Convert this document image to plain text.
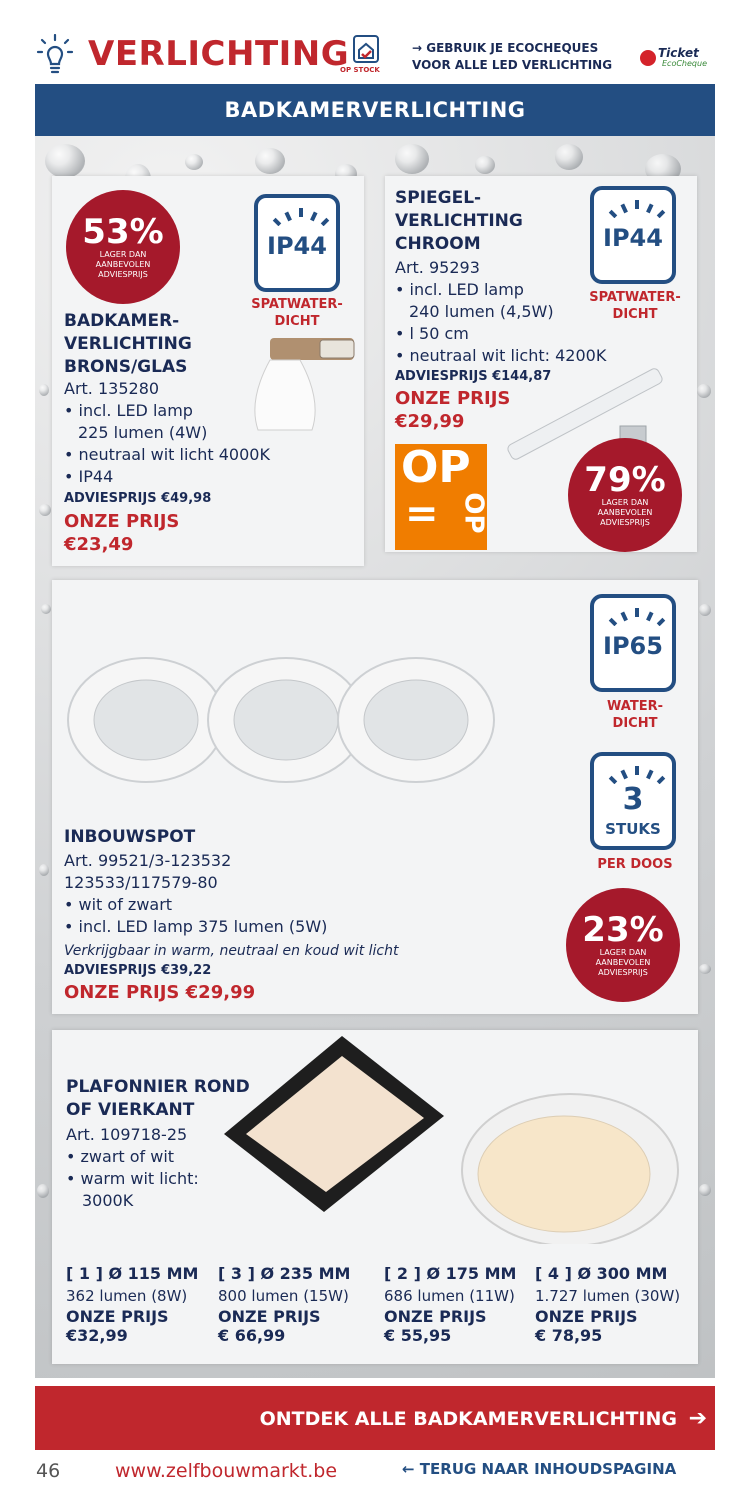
VERLICHTING
OP STOCK
→ GEBRUIK JE ECOCHEQUES
VOOR ALLE LED VERLICHTING
Ticket
EcoCheque
BADKAMERVERLICHTING
53%
LAGER DAN
AANBEVOLEN
ADVIESPRIJS
IP44
SPATWATER-
DICHT
BADKAMER-
VERLICHTING
BRONS/GLAS
Art. 135280
• incl. LED lamp
225 lumen (4W)
• neutraal wit licht 4000K
• IP44
ADVIESPRIJS €49,98
ONZE PRIJS
€23,49
SPIEGEL-
VERLICHTING
CHROOM	IP44
SPATWATER-
DICHT
Art. 95293
• incl. LED lamp
240 lumen (4,5W)
• l 50 cm
• neutraal wit licht: 4200K
ADVIESPRIJS €144,87
ONZE PRIJS
€29,99
OP
= OP
79%
LAGER DAN
AANBEVOLEN
ADVIESPRIJS
IP65
WATER-
DICHT
3
STUKS
PER DOOS
INBOUWSPOT
Art. 99521/3-123532
123533/117579-80
• wit of zwart
• incl. LED lamp 375 lumen (5W)
Verkrijgbaar in warm, neutraal en koud wit licht
ADVIESPRIJS €39,22
ONZE PRIJS €29,99
23%
LAGER DAN
AANBEVOLEN
ADVIESPRIJS
PLAFONNIER ROND
OF VIERKANT
Art. 109718-25
• zwart of wit
• warm wit licht:
3000K
[ 1 ] Ø 115 MM
362 lumen (8W)
ONZE PRIJS
€32,99
[ 3 ] Ø 235 MM
800 lumen (15W)
ONZE PRIJS
€ 66,99
[ 2 ] Ø 175 MM
686 lumen (11W)
ONZE PRIJS
€ 55,95
[ 4 ] Ø 300 MM
1.727 lumen (30W)
ONZE PRIJS
€ 78,95
ONTDEK ALLE BADKAMERVERLICHTING ➔
46	www.zelfbouwmarkt.be	← TERUG NAAR INHOUDSPAGINA
